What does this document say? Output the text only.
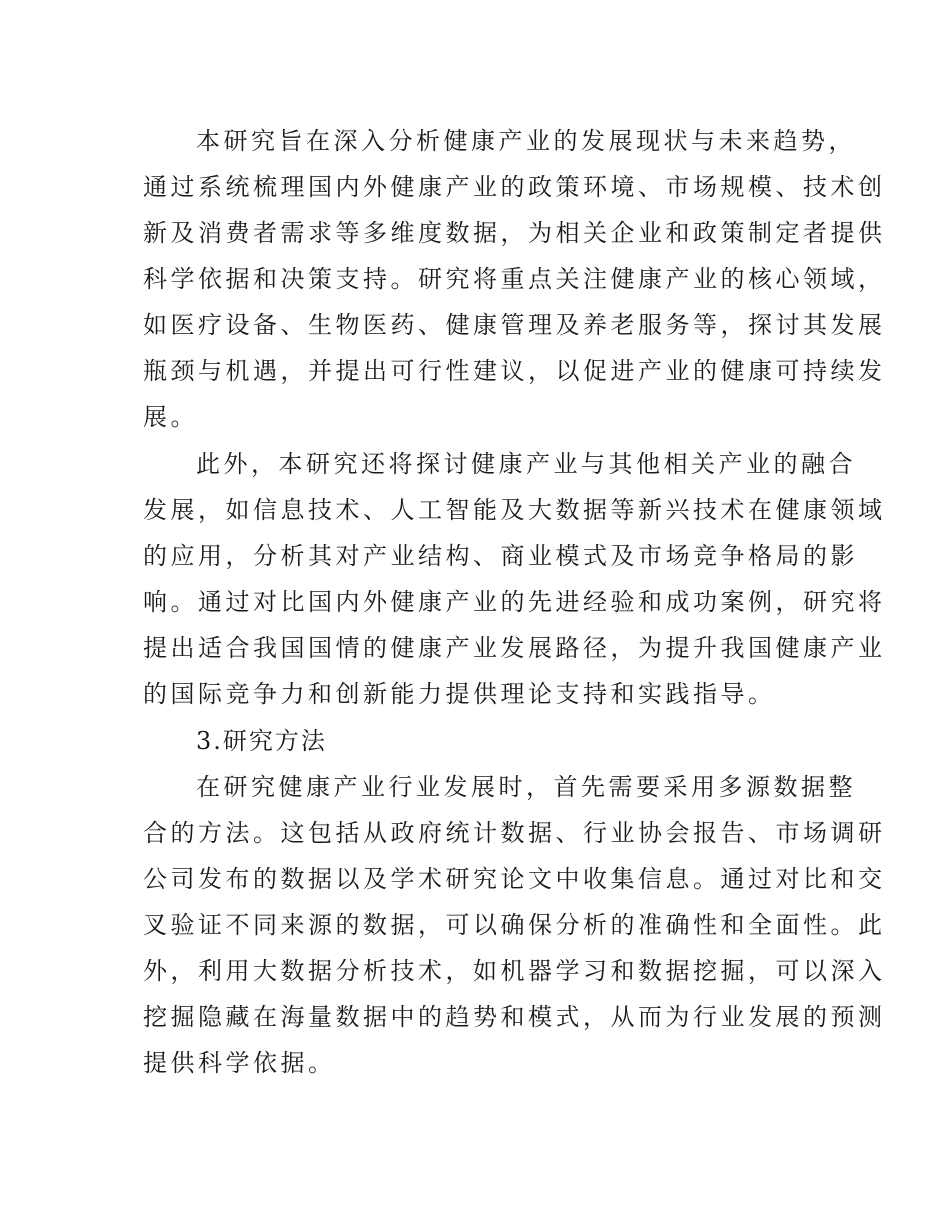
本研究旨在深入分析健康产业的发展现状与未来趋势，

通过系统梳理国内外健康产业的政策环境、市场规模、技术创

新及消费者需求等多维度数据，为相关企业和政策制定者提供

科学依据和决策支持。研究将重点关注健康产业的核心领域，

如医疗设备、生物医药、健康管理及养老服务等，探讨其发展

瓶颈与机遇，并提出可行性建议，以促进产业的健康可持续发

展。

此外，本研究还将探讨健康产业与其他相关产业的融合

发展，如信息技术、人工智能及大数据等新兴技术在健康领域

的应用，分析其对产业结构、商业模式及市场竞争格局的影

响。通过对比国内外健康产业的先进经验和成功案例，研究将

提出适合我国国情的健康产业发展路径，为提升我国健康产业

的国际竞争力和创新能力提供理论支持和实践指导。

3.研究方法

在研究健康产业行业发展时，首先需要采用多源数据整

合的方法。这包括从政府统计数据、行业协会报告、市场调研

公司发布的数据以及学术研究论文中收集信息。通过对比和交

叉验证不同来源的数据，可以确保分析的准确性和全面性。此

外，利用大数据分析技术，如机器学习和数据挖掘，可以深入

挖掘隐藏在海量数据中的趋势和模式，从而为行业发展的预测

提供科学依据。
